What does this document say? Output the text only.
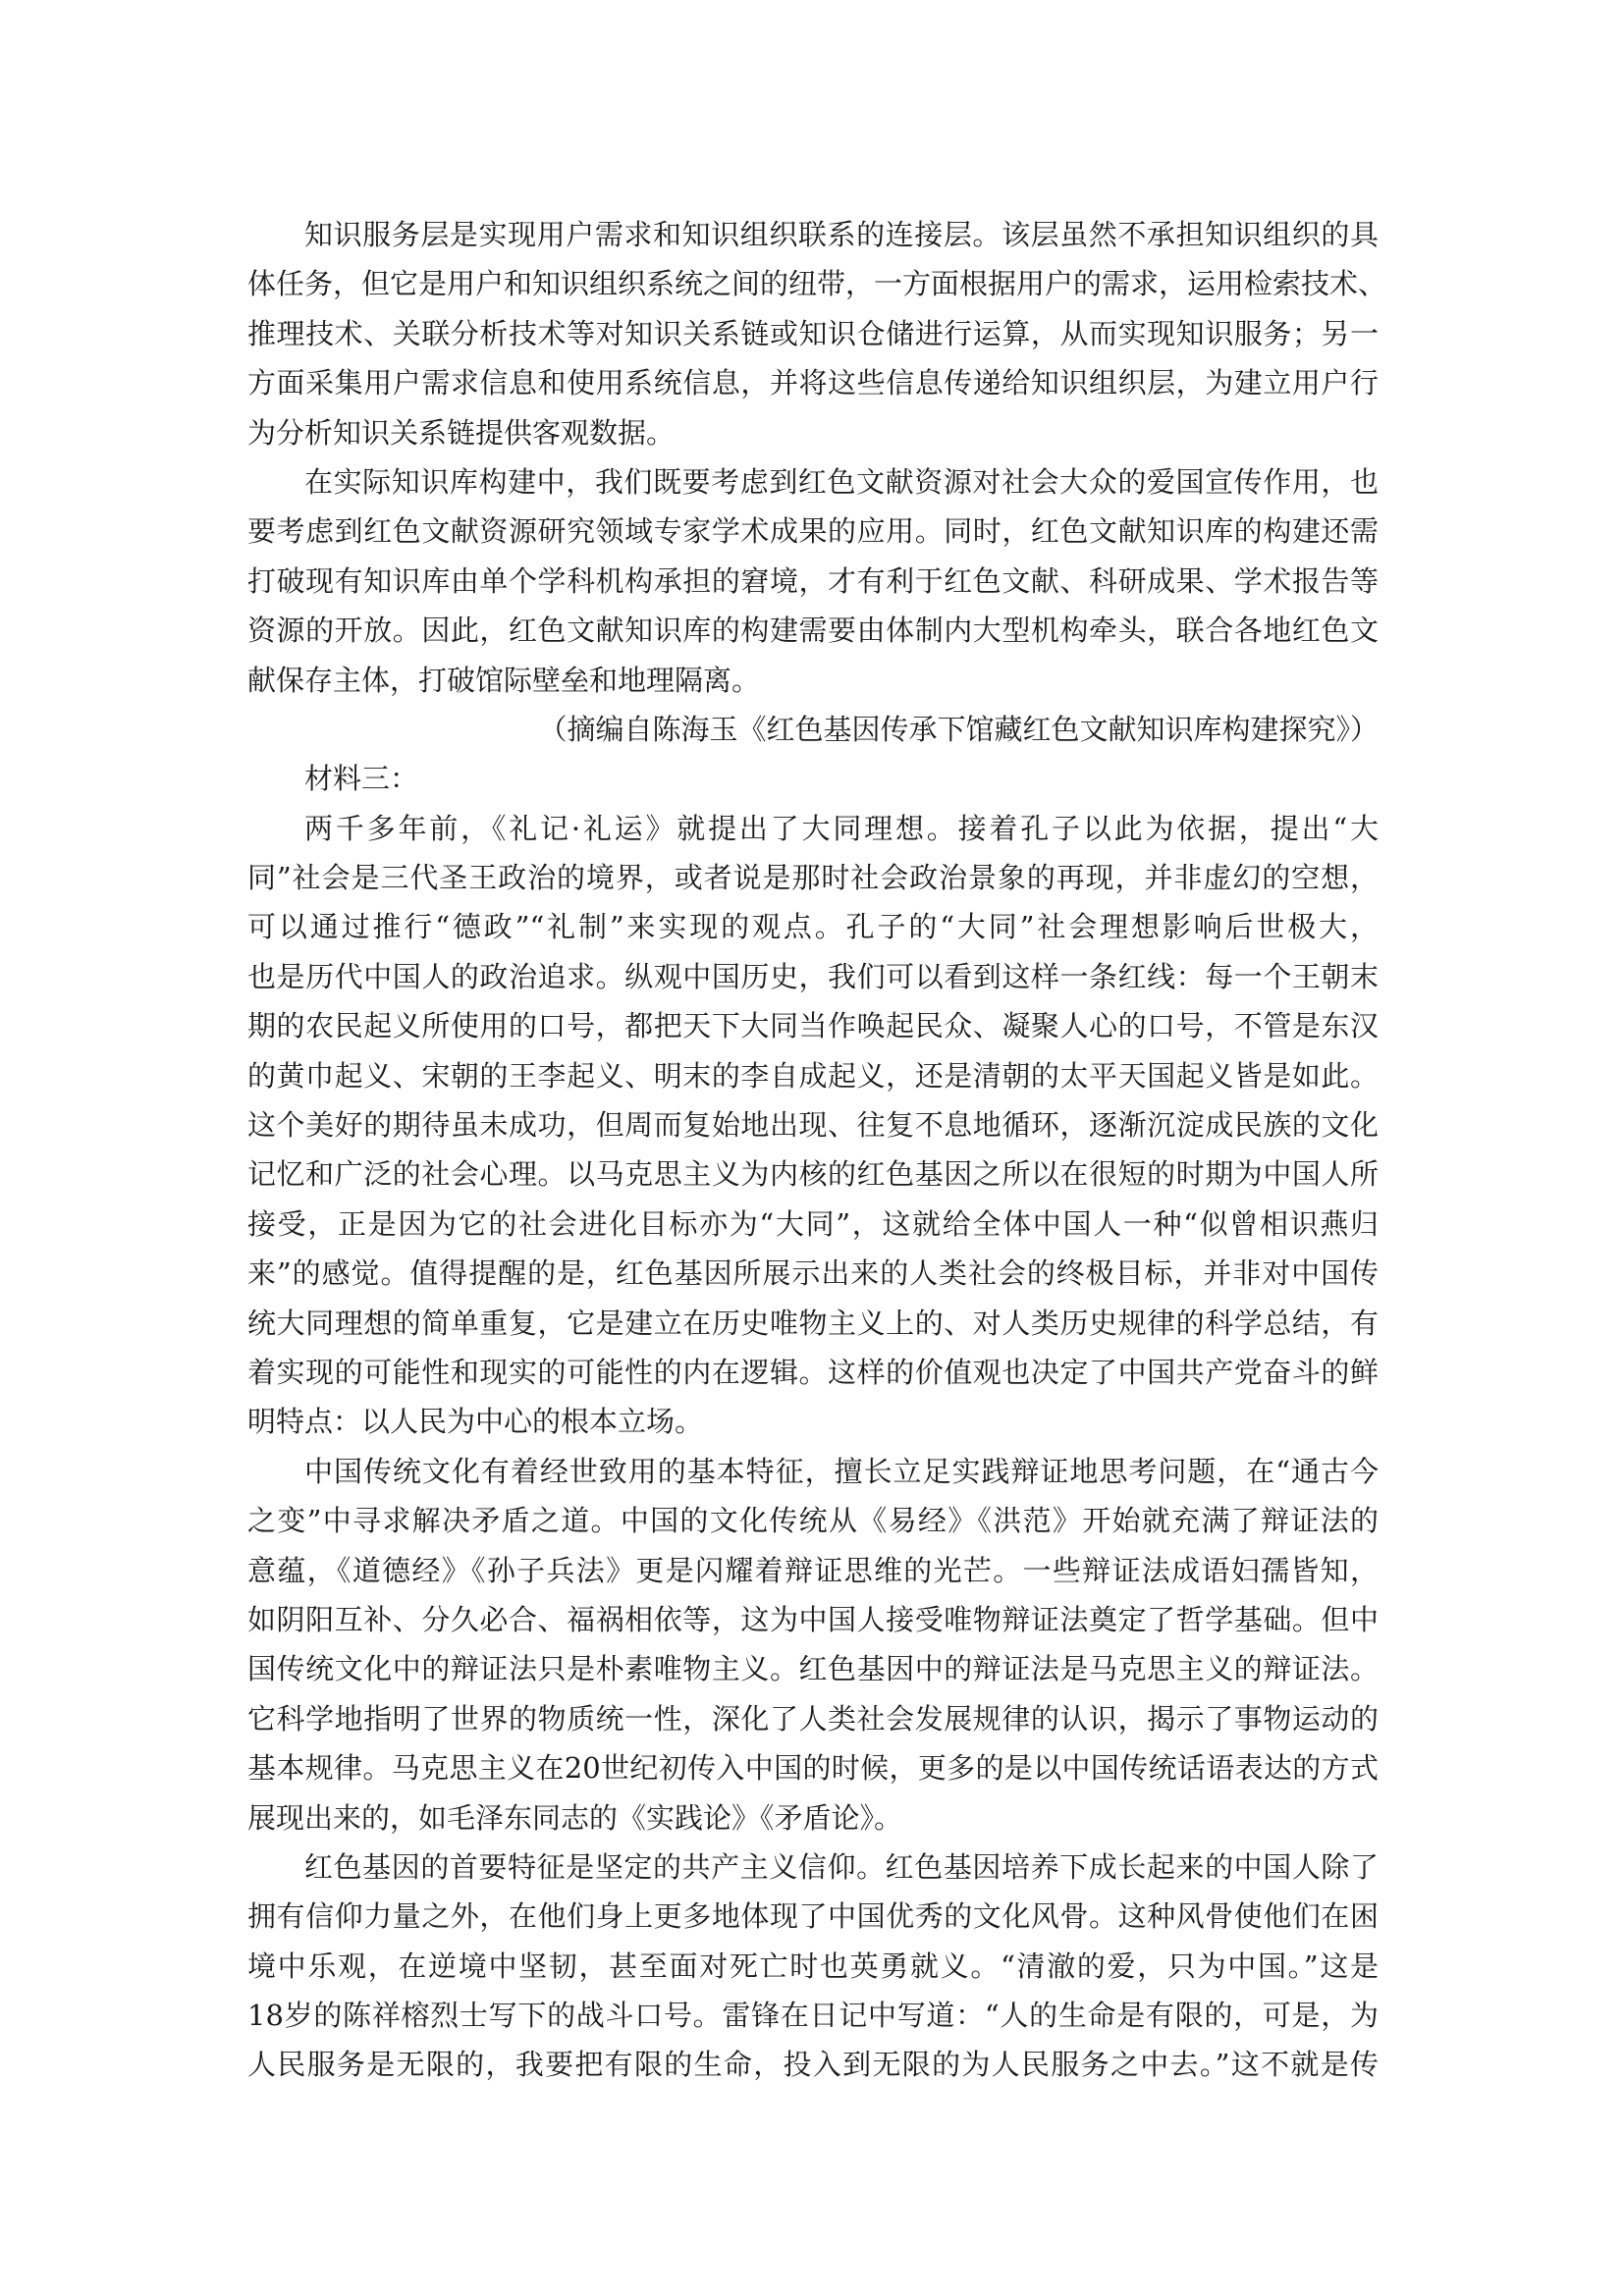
知识服务层是实现用户需求和知识组织联系的连接层。该层虽然不承担知识组织的具
体任务，但它是用户和知识组织系统之间的纽带，一方面根据用户的需求，运用检索技术、
推理技术、关联分析技术等对知识关系链或知识仓储进行运算，从而实现知识服务；另一
方面采集用户需求信息和使用系统信息，并将这些信息传递给知识组织层，为建立用户行
为分析知识关系链提供客观数据。
在实际知识库构建中，我们既要考虑到红色文献资源对社会大众的爱国宣传作用，也
要考虑到红色文献资源研究领域专家学术成果的应用。同时，红色文献知识库的构建还需
打破现有知识库由单个学科机构承担的窘境，才有利于红色文献、科研成果、学术报告等
资源的开放。因此，红色文献知识库的构建需要由体制内大型机构牵头，联合各地红色文
献保存主体，打破馆际壁垒和地理隔离。
（摘编自陈海玉《红色基因传承下馆藏红色文献知识库构建探究》）
材料三：
两千多年前，《礼记·礼运》就提出了大同理想。接着孔子以此为依据，提出“大
同”社会是三代圣王政治的境界，或者说是那时社会政治景象的再现，并非虚幻的空想，
可以通过推行“德政”“礼制”来实现的观点。孔子的“大同”社会理想影响后世极大，
也是历代中国人的政治追求。纵观中国历史，我们可以看到这样一条红线：每一个王朝末
期的农民起义所使用的口号，都把天下大同当作唤起民众、凝聚人心的口号，不管是东汉
的黄巾起义、宋朝的王李起义、明末的李自成起义，还是清朝的太平天国起义皆是如此。
这个美好的期待虽未成功，但周而复始地出现、往复不息地循环，逐渐沉淀成民族的文化
记忆和广泛的社会心理。以马克思主义为内核的红色基因之所以在很短的时期为中国人所
接受，正是因为它的社会进化目标亦为“大同”，这就给全体中国人一种“似曾相识燕归
来”的感觉。值得提醒的是，红色基因所展示出来的人类社会的终极目标，并非对中国传
统大同理想的简单重复，它是建立在历史唯物主义上的、对人类历史规律的科学总结，有
着实现的可能性和现实的可能性的内在逻辑。这样的价值观也决定了中国共产党奋斗的鲜
明特点：以人民为中心的根本立场。
中国传统文化有着经世致用的基本特征，擅长立足实践辩证地思考问题，在“通古今
之变”中寻求解决矛盾之道。中国的文化传统从《易经》《洪范》开始就充满了辩证法的
意蕴，《道德经》《孙子兵法》更是闪耀着辩证思维的光芒。一些辩证法成语妇孺皆知，
如阴阳互补、分久必合、福祸相依等，这为中国人接受唯物辩证法奠定了哲学基础。但中
国传统文化中的辩证法只是朴素唯物主义。红色基因中的辩证法是马克思主义的辩证法。
它科学地指明了世界的物质统一性，深化了人类社会发展规律的认识，揭示了事物运动的
基本规律。马克思主义在20世纪初传入中国的时候，更多的是以中国传统话语表达的方式
展现出来的，如毛泽东同志的《实践论》《矛盾论》。
红色基因的首要特征是坚定的共产主义信仰。红色基因培养下成长起来的中国人除了
拥有信仰力量之外，在他们身上更多地体现了中国优秀的文化风骨。这种风骨使他们在困
境中乐观，在逆境中坚韧，甚至面对死亡时也英勇就义。“清澈的爱，只为中国。”这是
18岁的陈祥榕烈士写下的战斗口号。雷锋在日记中写道：“人的生命是有限的，可是，为
人民服务是无限的，我要把有限的生命，投入到无限的为人民服务之中去。”这不就是传
